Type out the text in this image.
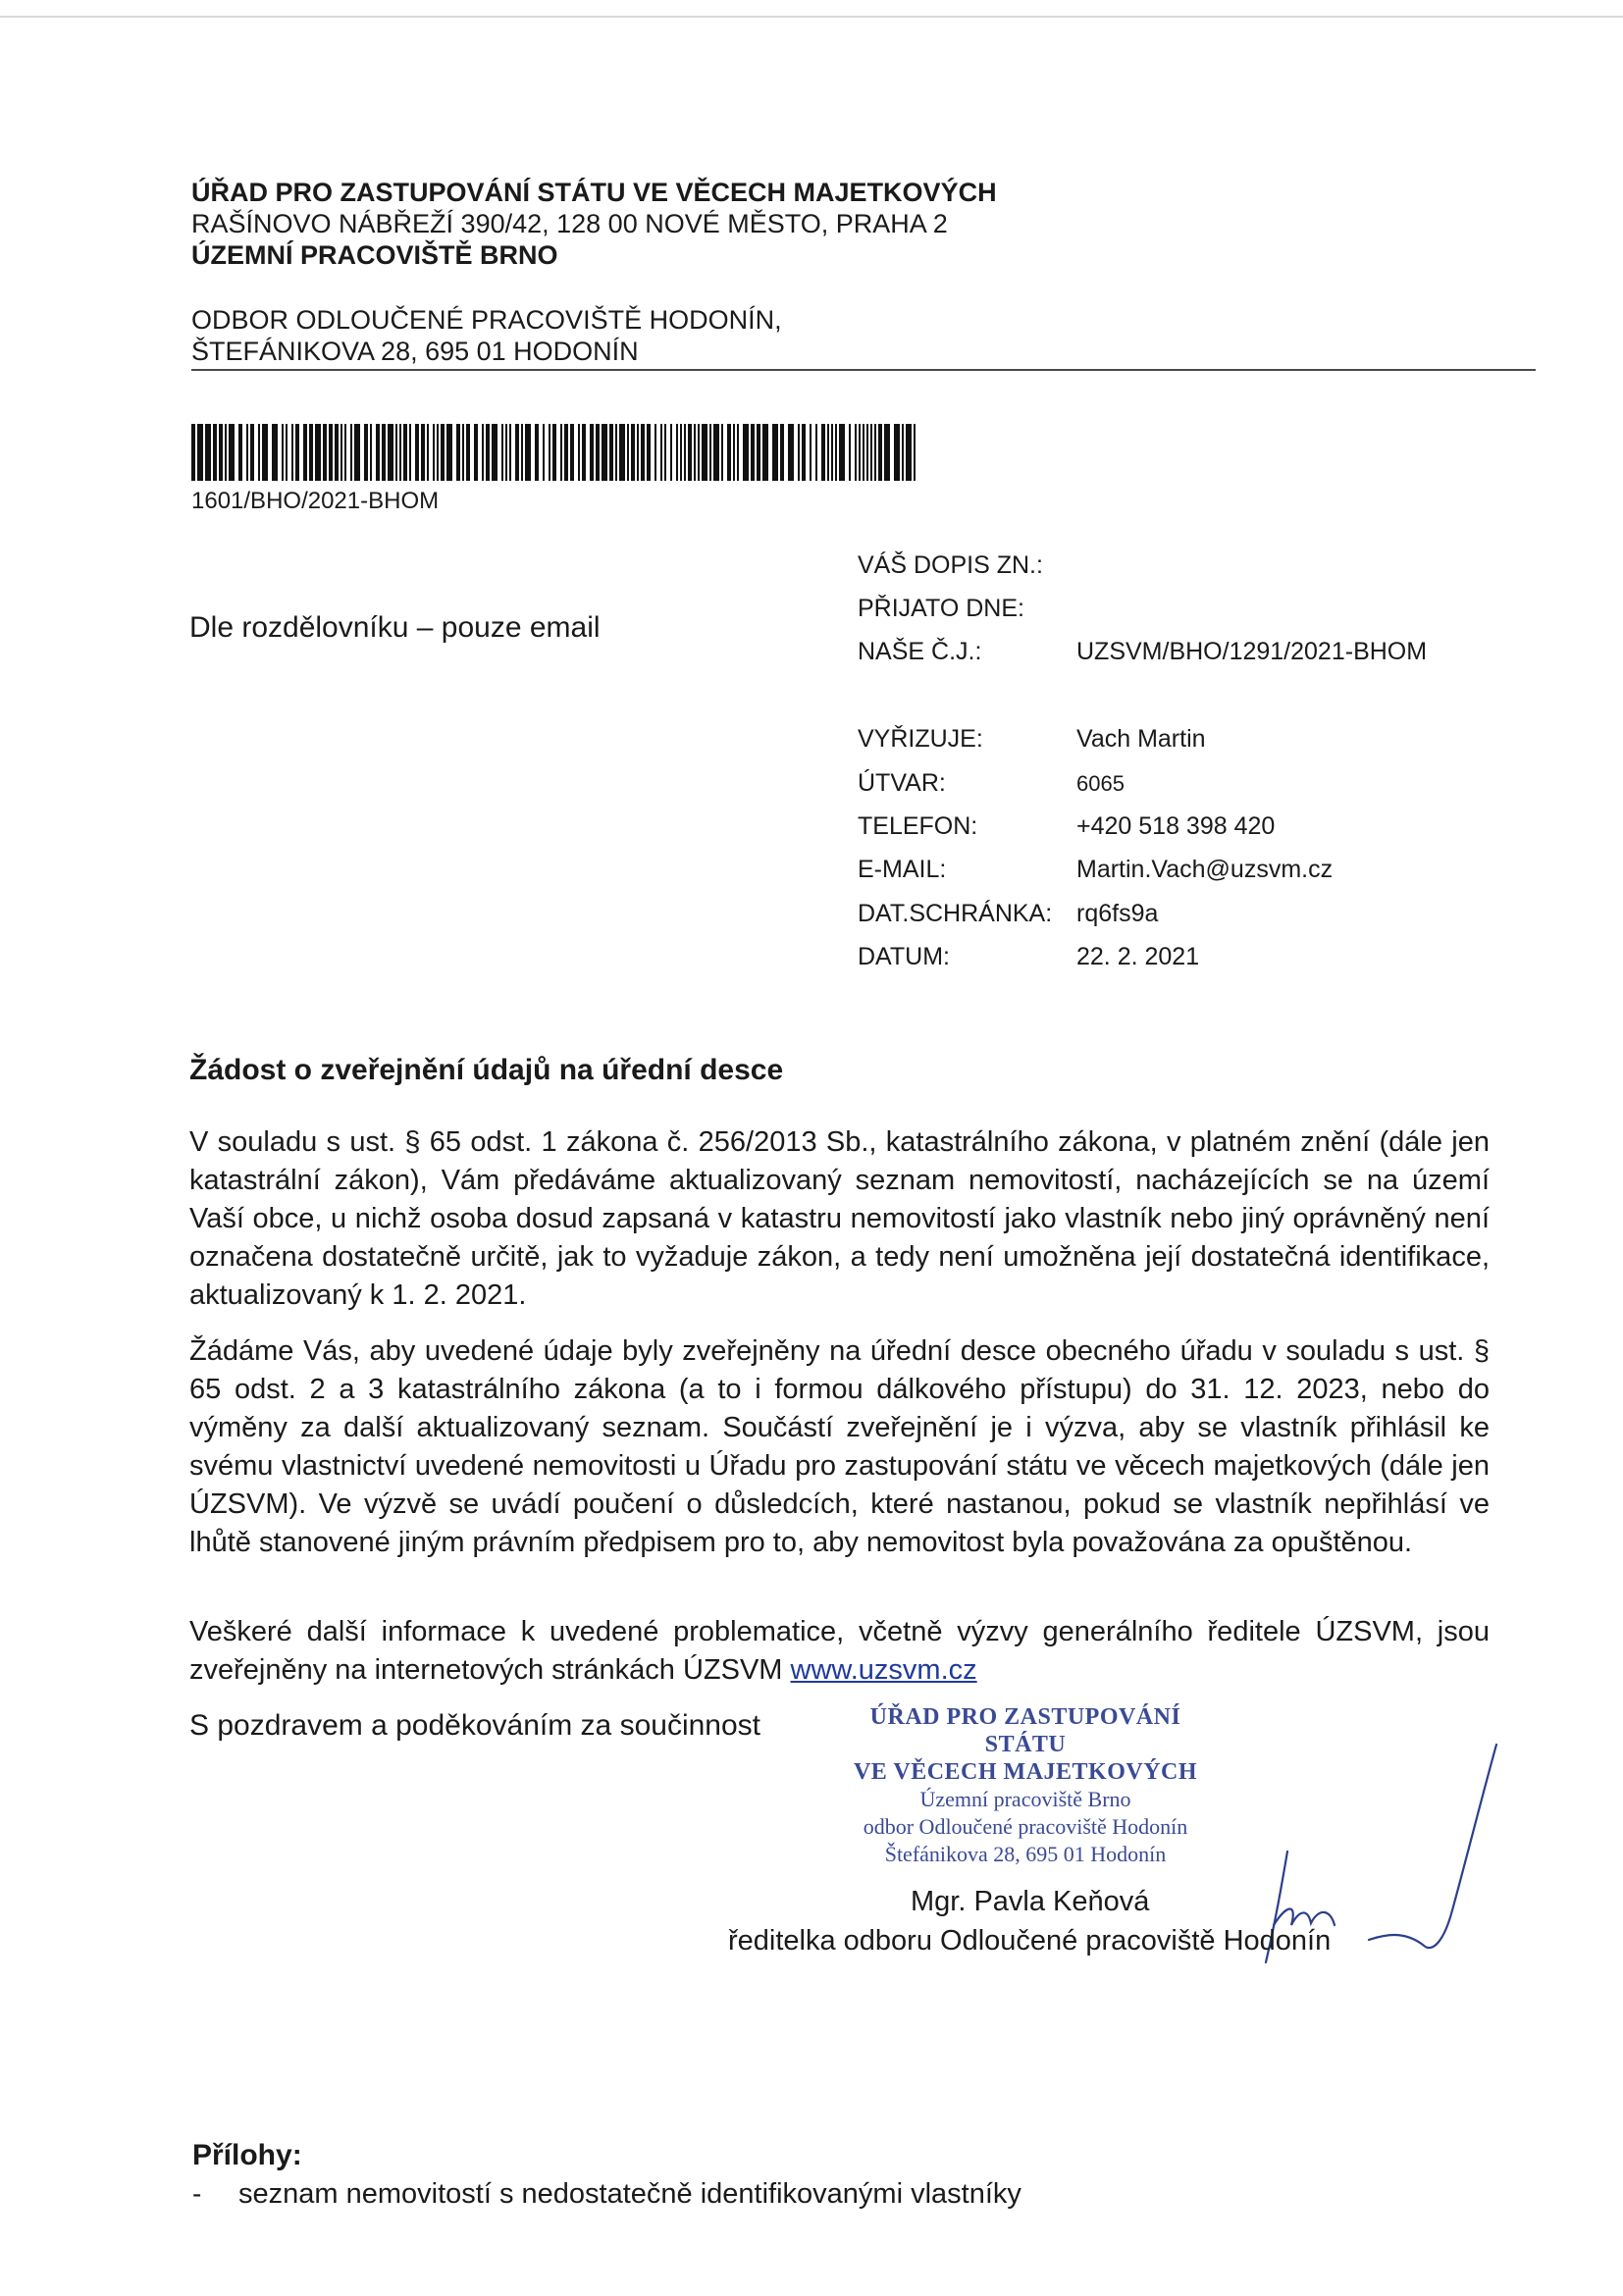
ÚŘAD PRO ZASTUPOVÁNÍ STÁTU VE VĚCECH MAJETKOVÝCH
RAŠÍNOVO NÁBŘEŽÍ 390/42, 128 00 NOVÉ MĚSTO, PRAHA 2
ÚZEMNÍ PRACOVIŠTĚ BRNO
ODBOR ODLOUČENÉ PRACOVIŠTĚ HODONÍN,
ŠTEFÁNIKOVA 28, 695 01 HODONÍN
1601/BHO/2021-BHOM
Dle rozdělovníku – pouze email
VÁŠ DOPIS ZN.:
PŘIJATO DNE:
NAŠE Č.J.:	UZSVM/BHO/1291/2021-BHOM
VYŘIZUJE:	Vach Martin
ÚTVAR:	6065
TELEFON:	+420 518 398 420
E-MAIL:	Martin.Vach@uzsvm.cz
DAT.SCHRÁNKA: rq6fs9a
DATUM:	22. 2. 2021
Žádost o zveřejnění údajů na úřední desce

V souladu s ust. § 65 odst. 1 zákona č. 256/2013 Sb., katastrálního zákona, v platném znění (dále jen katastrální zákon), Vám předáváme aktualizovaný seznam nemovitostí, nacházejících se na území Vaší obce, u nichž osoba dosud zapsaná v katastru nemovitostí jako vlastník nebo jiný oprávněný není označena dostatečně určitě, jak to vyžaduje zákon, a tedy není umožněna její dostatečná identifikace, aktualizovaný k 1. 2. 2021.

Žádáme Vás, aby uvedené údaje byly zveřejněny na úřední desce obecného úřadu v souladu s ust. § 65 odst. 2 a 3 katastrálního zákona (a to i formou dálkového přístupu) do 31. 12. 2023, nebo do výměny za další aktualizovaný seznam. Součástí zveřejnění je i výzva, aby se vlastník přihlásil ke svému vlastnictví uvedené nemovitosti u Úřadu pro zastupování státu ve věcech majetkových (dále jen ÚZSVM). Ve výzvě se uvádí poučení o důsledcích, které nastanou, pokud se vlastník nepřihlásí ve lhůtě stanovené jiným právním předpisem pro to, aby nemovitost byla považována za opuštěnou.

Veškeré další informace k uvedené problematice, včetně výzvy generálního ředitele ÚZSVM, jsou zveřejněny na internetových stránkách ÚZSVM www.uzsvm.cz

S pozdravem a poděkováním za součinnost	ÚŘAD PRO ZASTUPOVÁNÍ STÁTU
VE VĚCECH MAJETKOVÝCH
Územní pracoviště Brno
odbor Odloučené pracoviště Hodonín
Štefánikova 28, 695 01 Hodonín
Mgr. Pavla Keňová
ředitelka odboru Odloučené pracoviště Hodonín
Přílohy:
- seznam nemovitostí s nedostatečně identifikovanými vlastníky
